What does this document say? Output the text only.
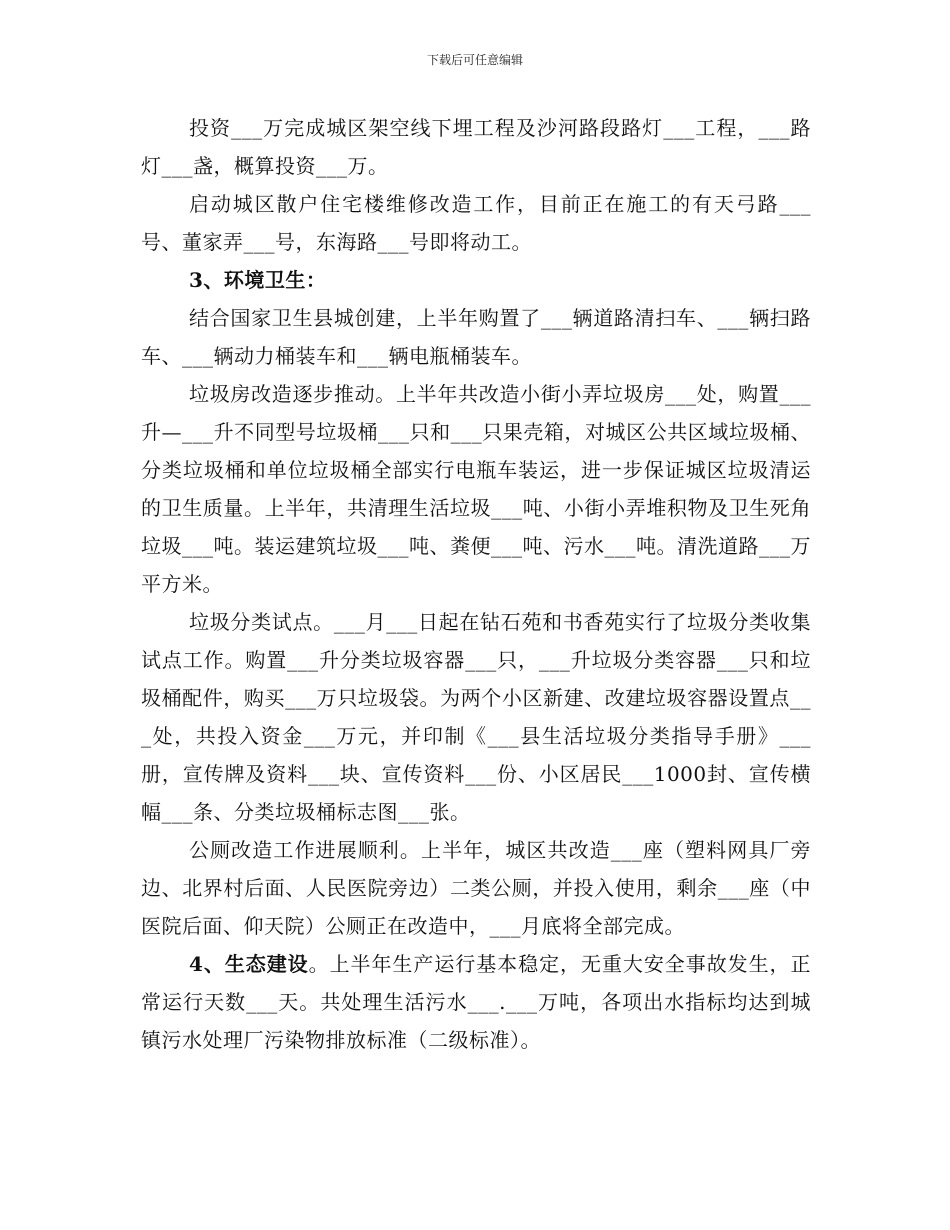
下载后可任意编辑

投资___万完成城区架空线下埋工程及沙河路段路灯___工程，___路灯___盏，概算投资___万。

启动城区散户住宅楼维修改造工作，目前正在施工的有天弓路___号、董家弄___号，东海路___号即将动工。

3、环境卫生：

结合国家卫生县城创建，上半年购置了___辆道路清扫车、___辆扫路车、___辆动力桶装车和___辆电瓶桶装车。

垃圾房改造逐步推动。上半年共改造小街小弄垃圾房___处，购置___升—___升不同型号垃圾桶___只和___只果壳箱，对城区公共区域垃圾桶、分类垃圾桶和单位垃圾桶全部实行电瓶车装运，进一步保证城区垃圾清运的卫生质量。上半年，共清理生活垃圾___吨、小街小弄堆积物及卫生死角垃圾___吨。装运建筑垃圾___吨、粪便___吨、污水___吨。清洗道路___万平方米。

垃圾分类试点。___月___日起在钻石苑和书香苑实行了垃圾分类收集试点工作。购置___升分类垃圾容器___只，___升垃圾分类容器___只和垃圾桶配件，购买___万只垃圾袋。为两个小区新建、改建垃圾容器设置点___处，共投入资金___万元，并印制《___县生活垃圾分类指导手册》___册，宣传牌及资料___块、宣传资料___份、小区居民___1000封、宣传横幅___条、分类垃圾桶标志图___张。

公厕改造工作进展顺利。上半年，城区共改造___座（塑料网具厂旁边、北界村后面、人民医院旁边）二类公厕，并投入使用，剩余___座（中医院后面、仰天院）公厕正在改造中，___月底将全部完成。

4、生态建设。上半年生产运行基本稳定，无重大安全事故发生，正常运行天数___天。共处理生活污水___.___万吨，各项出水指标均达到城镇污水处理厂污染物排放标准（二级标准）。
